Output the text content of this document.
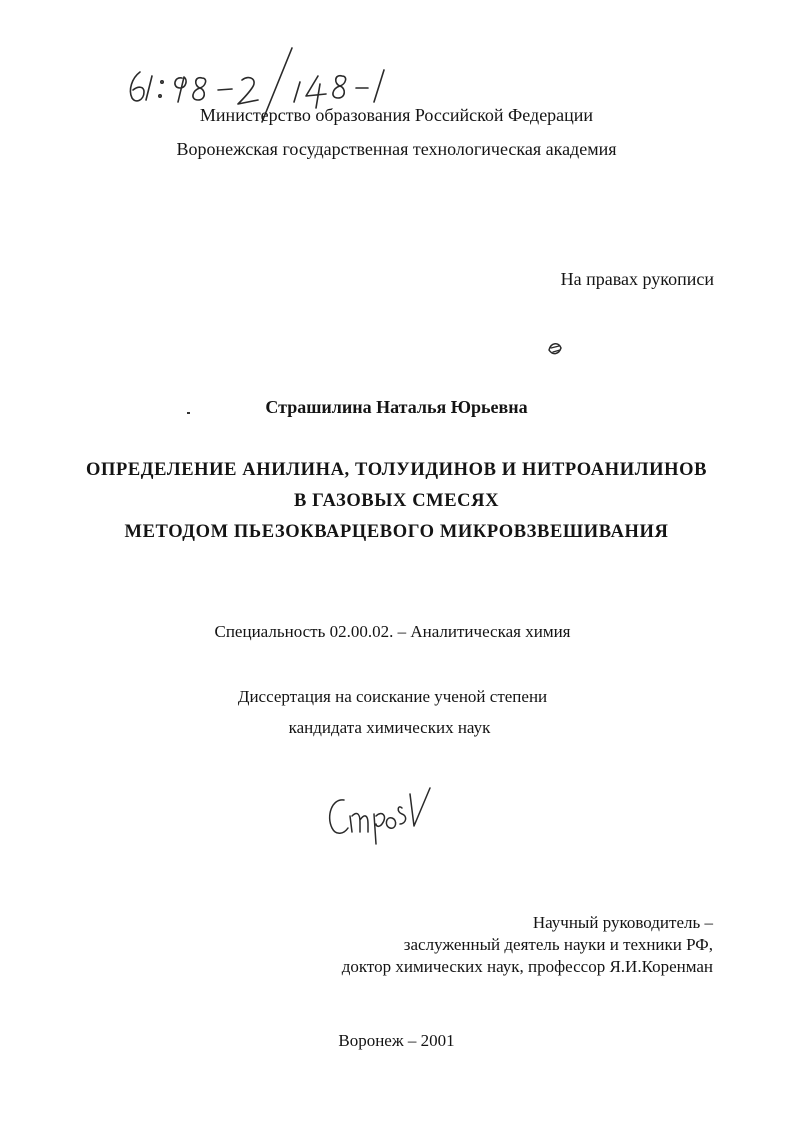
Министерство образования Российской Федерации

Воронежская государственная технологическая академия

На правах рукописи

Страшилина Наталья Юрьевна

ОПРЕДЕЛЕНИЕ АНИЛИНА, ТОЛУИДИНОВ И НИТРОАНИЛИНОВ

В ГАЗОВЫХ СМЕСЯХ

МЕТОДОМ ПЬЕЗОКВАРЦЕВОГО МИКРОВЗВЕШИВАНИЯ

Специальность 02.00.02. – Аналитическая химия

Диссертация на соискание ученой степени

кандидата химических наук

Научный руководитель –

заслуженный деятель науки и техники РФ,

доктор химических наук, профессор Я.И.Коренман

Воронеж – 2001
